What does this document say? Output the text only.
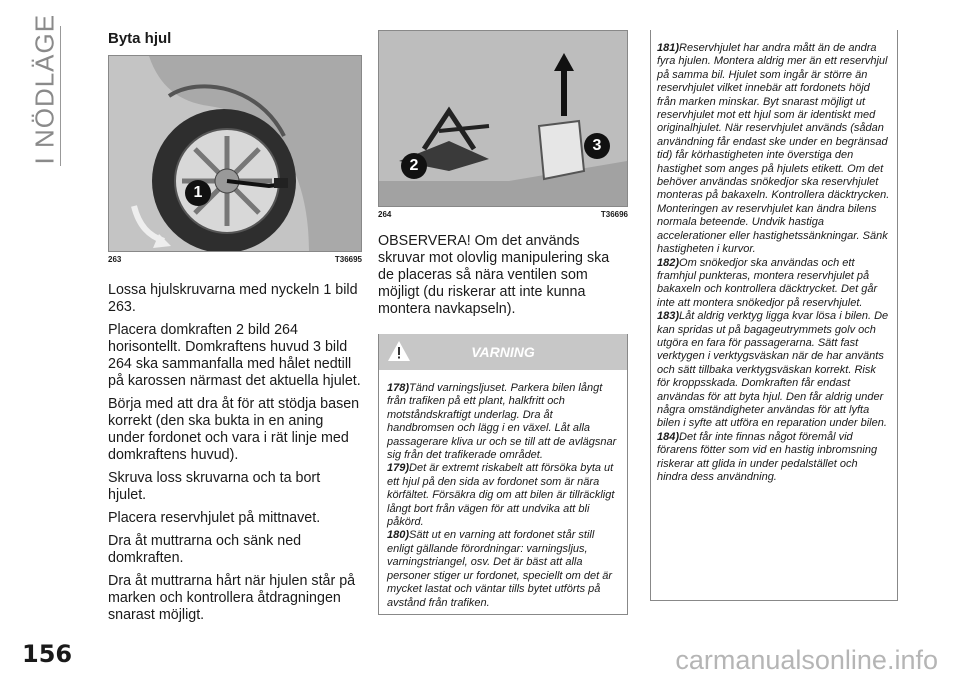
I NÖDLÄGE	Byta hjul
1
263	T36695

Lossa hjulskruvarna med nyckeln 1 bild 263.

Placera domkraften 2 bild 264 horisontellt. Domkraftens huvud 3 bild 264 ska sammanfalla med hålet nedtill på karossen närmast det aktuella hjulet.

Börja med att dra åt för att stödja basen korrekt (den ska bukta in en aning under fordonet och vara i rät linje med domkraftens huvud).

Skruva loss skruvarna och ta bort hjulet.

Placera reservhjulet på mittnavet.

Dra åt muttrarna och sänk ned domkraften.

Dra åt muttrarna hårt när hjulen står på marken och kontrollera åtdragningen snarast möjligt.

2
3
264	T36696

OBSERVERA! Om det används skruvar mot olovlig manipulering ska de placeras så nära ventilen som möjligt (du riskerar att inte kunna montera navkapseln).

VARNING

178)Tänd varningsljuset. Parkera bilen långt från trafiken på ett plant, halkfritt och motståndskraftigt underlag. Dra åt handbromsen och lägg i en växel. Låt alla passagerare kliva ur och se till att de avlägsnar sig från det trafikerade området.

179)Det är extremt riskabelt att försöka byta ut ett hjul på den sida av fordonet som är nära körfältet. Försäkra dig om att bilen är tillräckligt långt bort från vägen för att undvika att bli påkörd.

180)Sätt ut en varning att fordonet står still enligt gällande förordningar: varningsljus, varningstriangel, osv. Det är bäst att alla personer stiger ur fordonet, speciellt om det är mycket lastat och väntar tills bytet utförts på avstånd från trafiken.

181)Reservhjulet har andra mått än de andra fyra hjulen. Montera aldrig mer än ett reservhjul på samma bil. Hjulet som ingår är större än reservhjulet vilket innebär att fordonets höjd från marken minskar. Byt snarast möjligt ut reservhjulet mot ett hjul som är identiskt med originalhjulet. När reservhjulet används (sådan användning får endast ske under en begränsad tid) får körhastigheten inte överstiga den hastighet som anges på hjulets etikett. Om det behöver användas snökedjor ska reservhjulet monteras på bakaxeln. Kontrollera däcktrycken. Monteringen av reservhjulet kan ändra bilens normala beteende. Undvik hastiga accelerationer eller hastighetssänkningar. Sänk hastigheten i kurvor.

182)Om snökedjor ska användas och ett framhjul punkteras, montera reservhjulet på bakaxeln och kontrollera däcktrycket. Det går inte att montera snökedjor på reservhjulet.

183)Låt aldrig verktyg ligga kvar lösa i bilen. De kan spridas ut på bagageutrymmets golv och utgöra en fara för passagerarna. Sätt fast verktygen i verktygsväskan när de har använts och sätt tillbaka verktygsväskan korrekt. Risk för kroppsskada. Domkraften får endast användas för att byta hjul. Den får aldrig under några omständigheter användas för att lyfta bilen i syfte att utföra en reparation under bilen.

184)Det får inte finnas något föremål vid förarens fötter som vid en hastig inbromsning riskerar att glida in under pedalstället och hindra dess användning.

156	carmanualsonline.info
